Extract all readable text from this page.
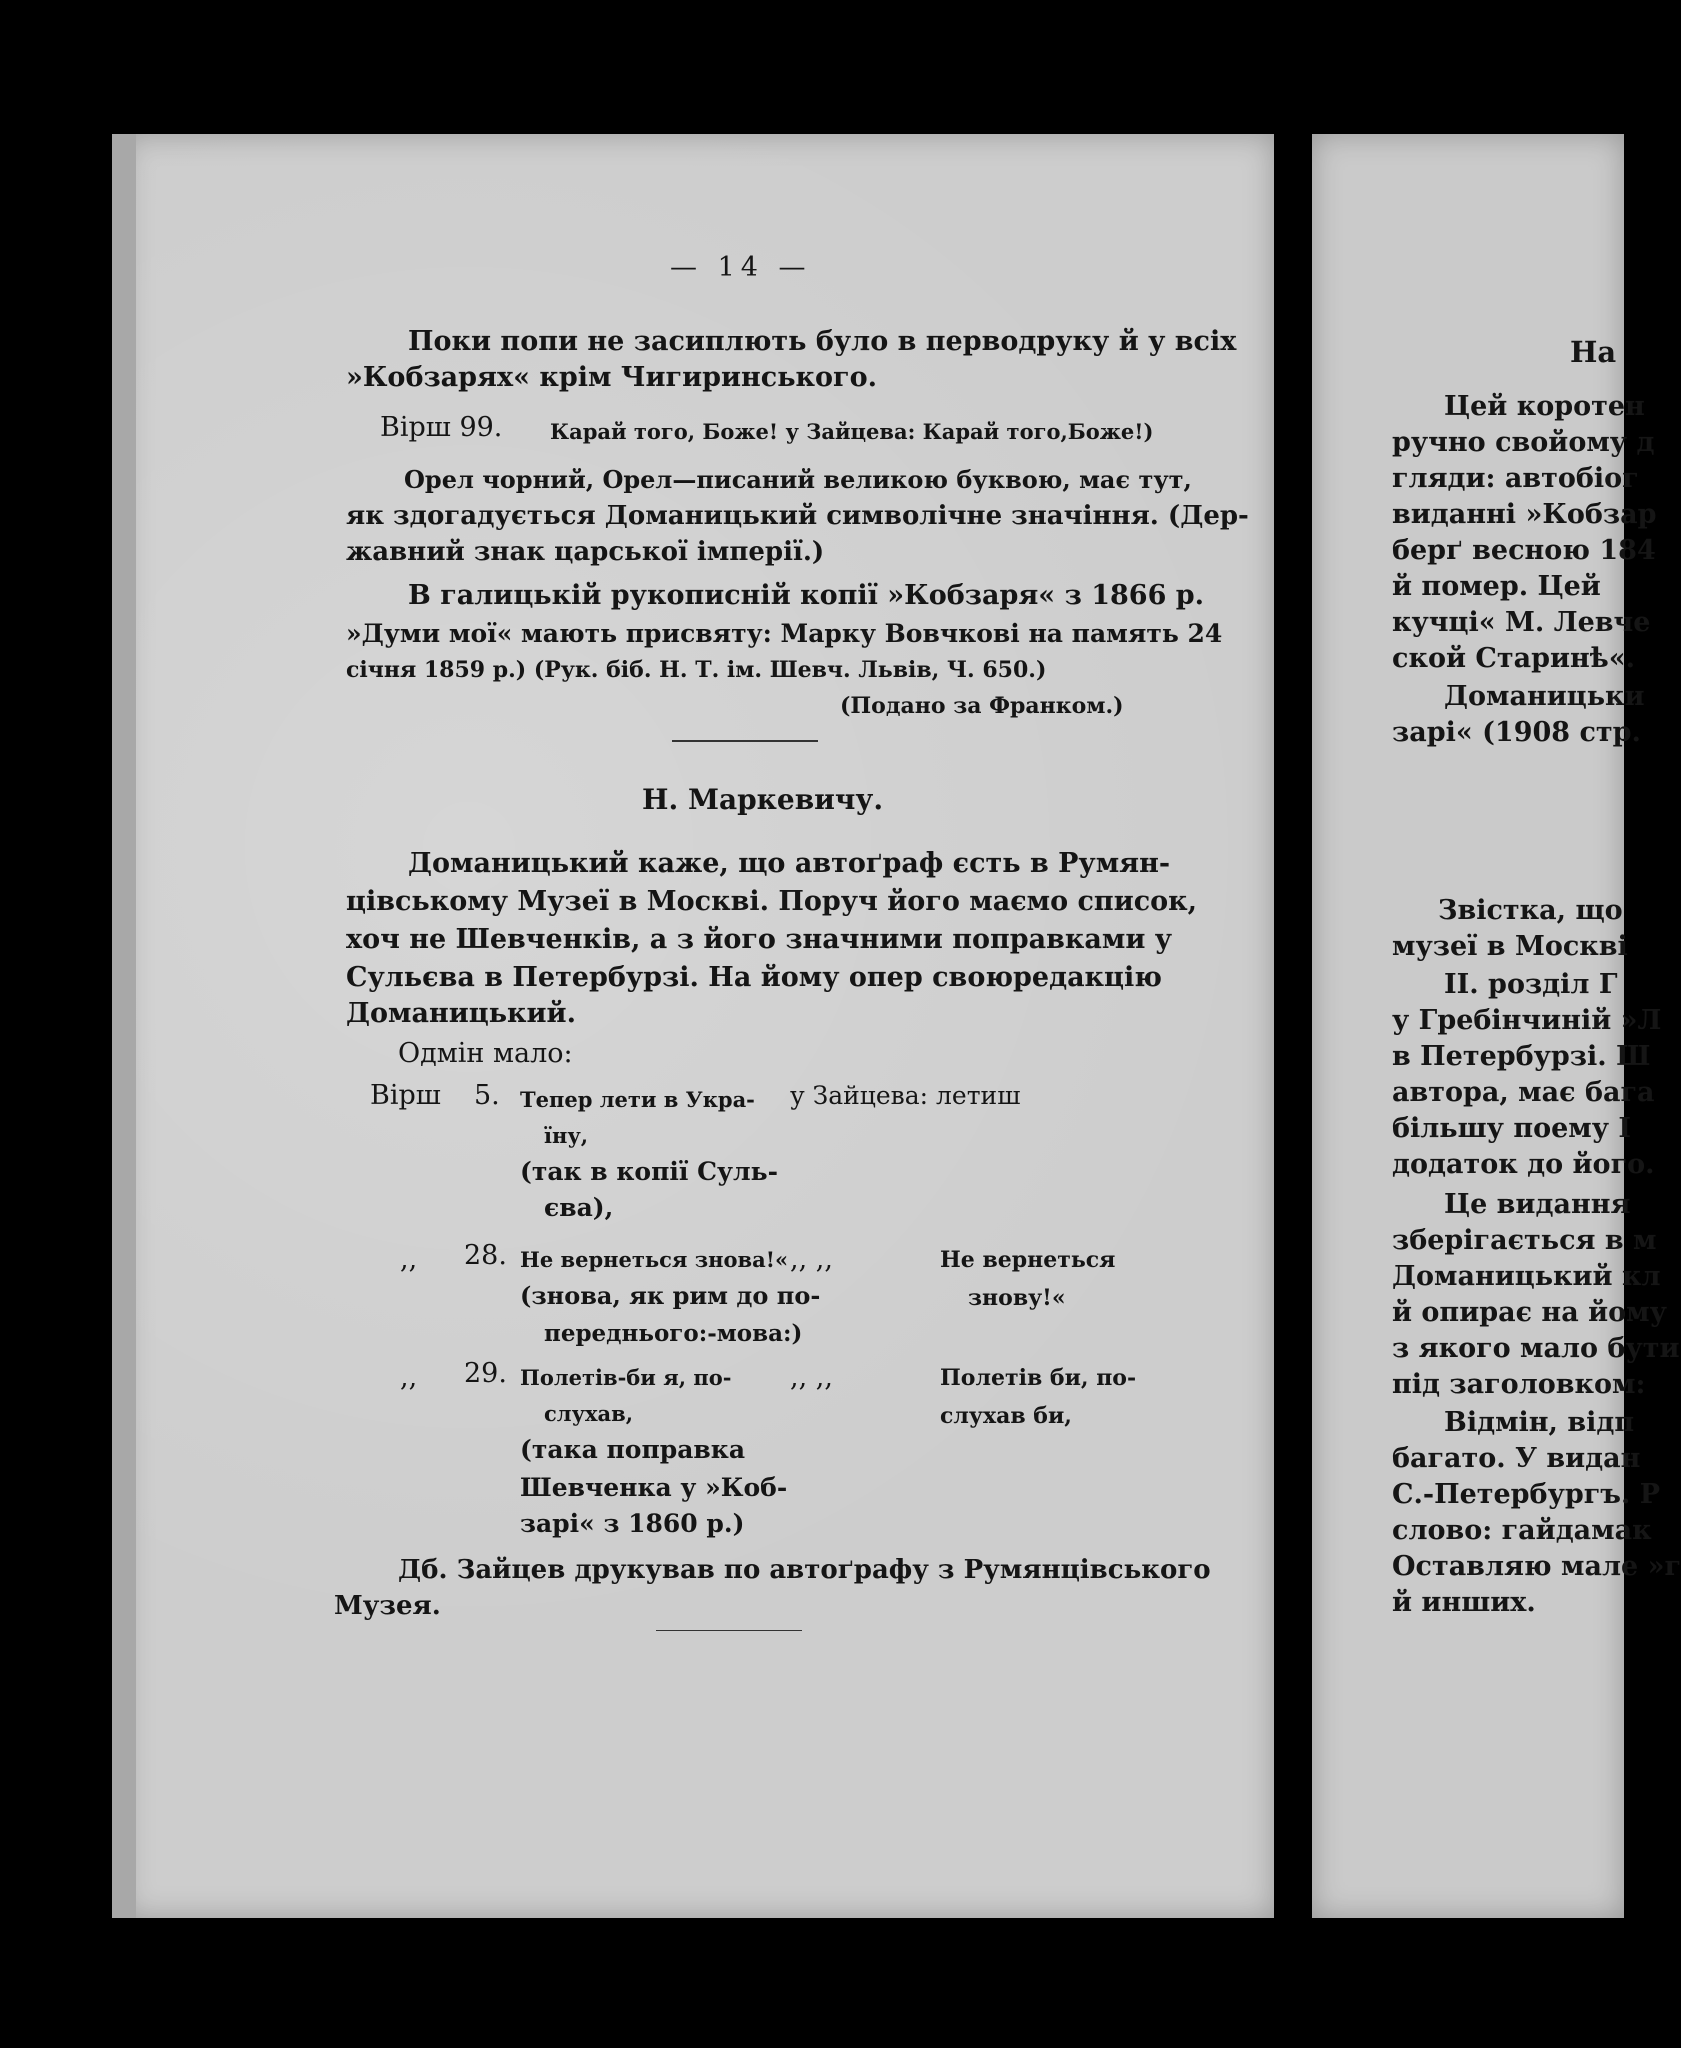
— 14 —
Поки попи не засиплють було в перводруку й у всіх
»Кобзарях« крім Чигиринського.
Вірш 99. Карай того, Боже! у Зайцева: Карай того,Боже!)
Орел чорний, Орел—писаний великою буквою, має тут,
як здогадується Доманицький символічне значіння. (Дер-
жавний знак царської імперії.)
В галицькій рукописній копії »Кобзаря« з 1866 р.
»Думи мої« мають присвяту: Марку Вовчкові на память 24
січня 1859 р.) (Рук. біб. Н. Т. ім. Шевч. Львів, Ч. 650.)
(Подано за Франком.)
Н. Маркевичу.
Доманицький каже, що автоґраф єсть в Румян-
цівському Музеї в Москві. Поруч його маємо список,
хоч не Шевченків, а з його значними поправками у
Сульєва в Петербурзі. На йому опер своюредакцію
Доманицький.
Одмін мало:
Вірш 5. Тепер лети в Укра-
їну,
(так в копії Суль-
єва),
у Зайцева: летиш
,, 28. Не вернеться знова!«
(знова, як рим до по-
переднього:-мова:)
,, ,,	Не вернеться
знову!«
,, 29. Полетів-би я, по-
слухав,
(така поправка
Шевченка у »Коб-
зарі« з 1860 р.)
,, ,,	Полетів би, по-
слухав би,
Дб. Зайцев друкував по автоґрафу з Румянцівського
Музея.
На
Цей коротен
ручно свойому д
гляди: автобіог
виданні »Кобзар
берґ весною 184
й помер. Цей
кучці« М. Левче
ской Старинѣ«.
Доманицьки
зарі« (1908 стр.
Звістка, що
музеї в Москві
II. розділ Г
у Гребінчиній »Л
в Петербурзі. Ш
автора, має бага
більшу поему І
додаток до його.
Це видання
зберігається в м
Доманицький кл
й опирає на йому
з якого мало бути
під заголовком:
Відмін, відп
багато. У видан
С.-Петербургъ. Р
слово: гайдамак
Оставляю мале »г
й инших.
